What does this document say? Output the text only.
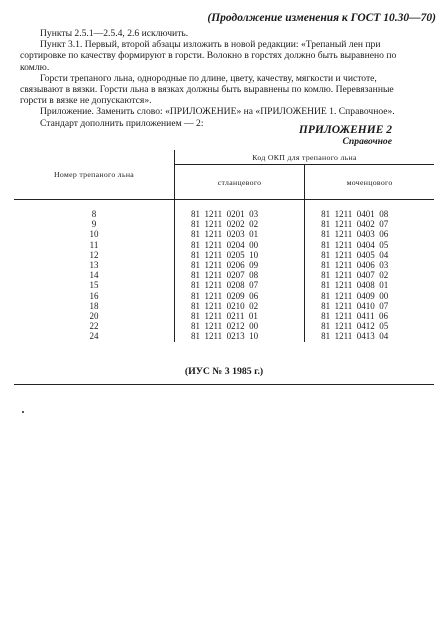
(Продолжение изменения к ГОСТ 10.30—70)

Пункты 2.5.1—2.5.4, 2.6 исключить.

Пункт 3.1. Первый, второй абзацы изложить в новой редакции: «Трепаный лен при сортировке по качеству формируют в горсти. Волокно в горстях должно быть выравнено по комлю.

Горсти трепаного льна, однородные по длине, цвету, качеству, мягкости и чистоте, связывают в вязки. Горсти льна в вязках должны быть выравнены по комлю. Перевязанные горсти в вязке не допускаются».

Приложение. Заменить слово: «ПРИЛОЖЕНИЕ» на «ПРИЛОЖЕНИЕ 1. Справочное».

Стандарт дополнить приложением — 2:

ПРИЛОЖЕНИЕ 2
Справочное
Номер трепаного льна	Код ОКП для трепаного льна	
	стланцевого	моченцового

8	81  1211  0201  03	81  1211  0401  08
9	81  1211  0202  02	81  1211  0402  07
10	81  1211  0203  01	81  1211  0403  06
11	81  1211  0204  00	81  1211  0404  05
12	81  1211  0205  10	81  1211  0405  04
13	81  1211  0206  09	81  1211  0406  03
14	81  1211  0207  08	81  1211  0407  02
15	81  1211  0208  07	81  1211  0408  01
16	81  1211  0209  06	81  1211  0409  00
18	81  1211  0210  02	81  1211  0410  07
20	81  1211  0211  01	81  1211  0411  06
22	81  1211  0212  00	81  1211  0412  05
24	81  1211  0213  10	81  1211  0413  04
(ИУС № 3 1985 г.)
